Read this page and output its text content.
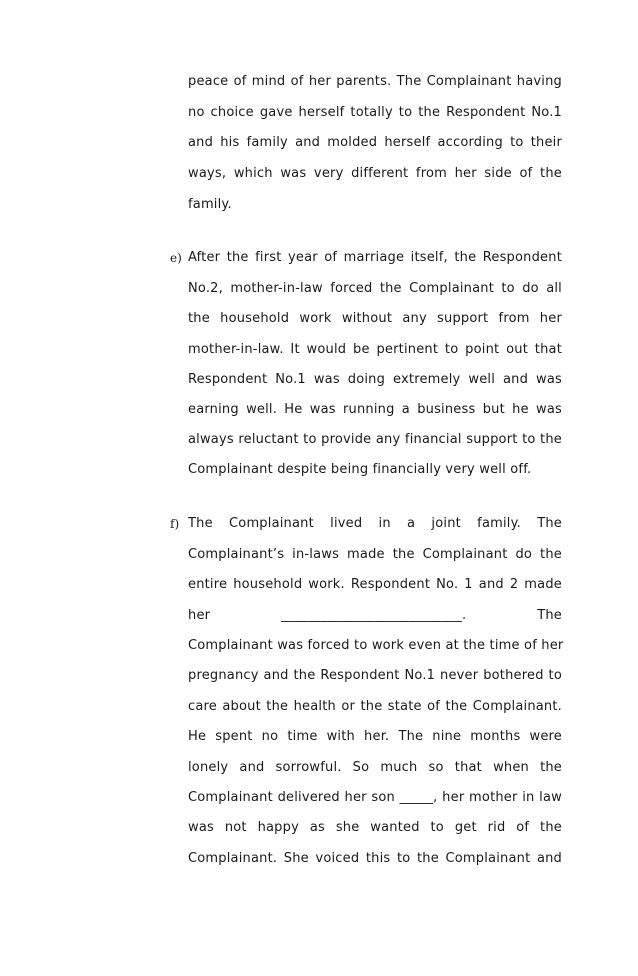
peace of mind of her parents. The Complainant having
no choice gave herself totally to the Respondent No.1
and his family and molded herself according to their
ways, which was very different from her side of the
family.
e) After the first year of marriage itself, the Respondent
No.2, mother-in-law forced the Complainant to do all
the household work without any support from her
mother-in-law. It would be pertinent to point out that
Respondent No.1 was doing extremely well and was
earning well. He was running a business but he was
always reluctant to provide any financial support to the
Complainant despite being financially very well off.
f) The Complainant lived in a joint family. The
Complainant’s in-laws made the Complainant do the
entire household work. Respondent No. 1 and 2 made
her ___________________________. The
Complainant was forced to work even at the time of her
pregnancy and the Respondent No.1 never bothered to
care about the health or the state of the Complainant.
He spent no time with her. The nine months were
lonely and sorrowful. So much so that when the
Complainant delivered her son _____, her mother in law
was not happy as she wanted to get rid of the
Complainant. She voiced this to the Complainant and
